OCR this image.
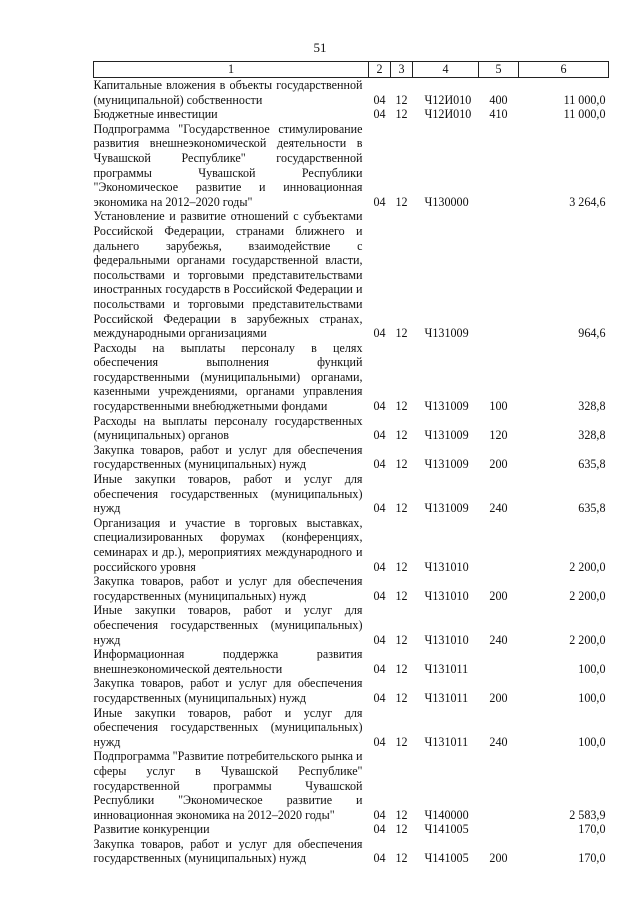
51
1	2	3	4	5	6
Капитальные вложения в объекты государственной (муниципальной) собственности	04	12	Ч12И010	400	11 000,0
Бюджетные инвестиции	04	12	Ч12И010	410	11 000,0
Подпрограмма "Государственное стимулирование развития внешнеэкономической деятельности в Чувашской Республике" государственной программы Чувашской Республики "Экономическое развитие и инновационная экономика на 2012–2020 годы"	04	12	Ч130000		3 264,6
Установление и развитие отношений с субъектами Российской Федерации, странами ближнего и дальнего зарубежья, взаимодействие с федеральными органами государственной власти, посольствами и торговыми представительствами иностранных государств в Российской Федерации и посольствами и торговыми представительствами Российской Федерации в зарубежных странах, международными организациями	04	12	Ч131009		964,6
Расходы на выплаты персоналу в целях обеспечения выполнения функций государственными (муниципальными) органами, казенными учреждениями, органами управления государственными внебюджетными фондами	04	12	Ч131009	100	328,8
Расходы на выплаты персоналу государственных (муниципальных) органов	04	12	Ч131009	120	328,8
Закупка товаров, работ и услуг для обеспечения государственных (муниципальных) нужд	04	12	Ч131009	200	635,8
Иные закупки товаров, работ и услуг для обеспечения государственных (муниципальных) нужд	04	12	Ч131009	240	635,8
Организация и участие в торговых выставках, специализированных форумах (конференциях, семинарах и др.), мероприятиях международного и российского уровня	04	12	Ч131010		2 200,0
Закупка товаров, работ и услуг для обеспечения государственных (муниципальных) нужд	04	12	Ч131010	200	2 200,0
Иные закупки товаров, работ и услуг для обеспечения государственных (муниципальных) нужд	04	12	Ч131010	240	2 200,0
Информационная поддержка развития внешнеэкономической деятельности	04	12	Ч131011		100,0
Закупка товаров, работ и услуг для обеспечения государственных (муниципальных) нужд	04	12	Ч131011	200	100,0
Иные закупки товаров, работ и услуг для обеспечения государственных (муниципальных) нужд	04	12	Ч131011	240	100,0
Подпрограмма "Развитие потребительского рынка и сферы услуг в Чувашской Республике" государственной программы Чувашской Республики "Экономическое развитие и инновационная экономика на 2012–2020 годы"	04	12	Ч140000		2 583,9
Развитие конкуренции	04	12	Ч141005		170,0
Закупка товаров, работ и услуг для обеспечения государственных (муниципальных) нужд	04	12	Ч141005	200	170,0
